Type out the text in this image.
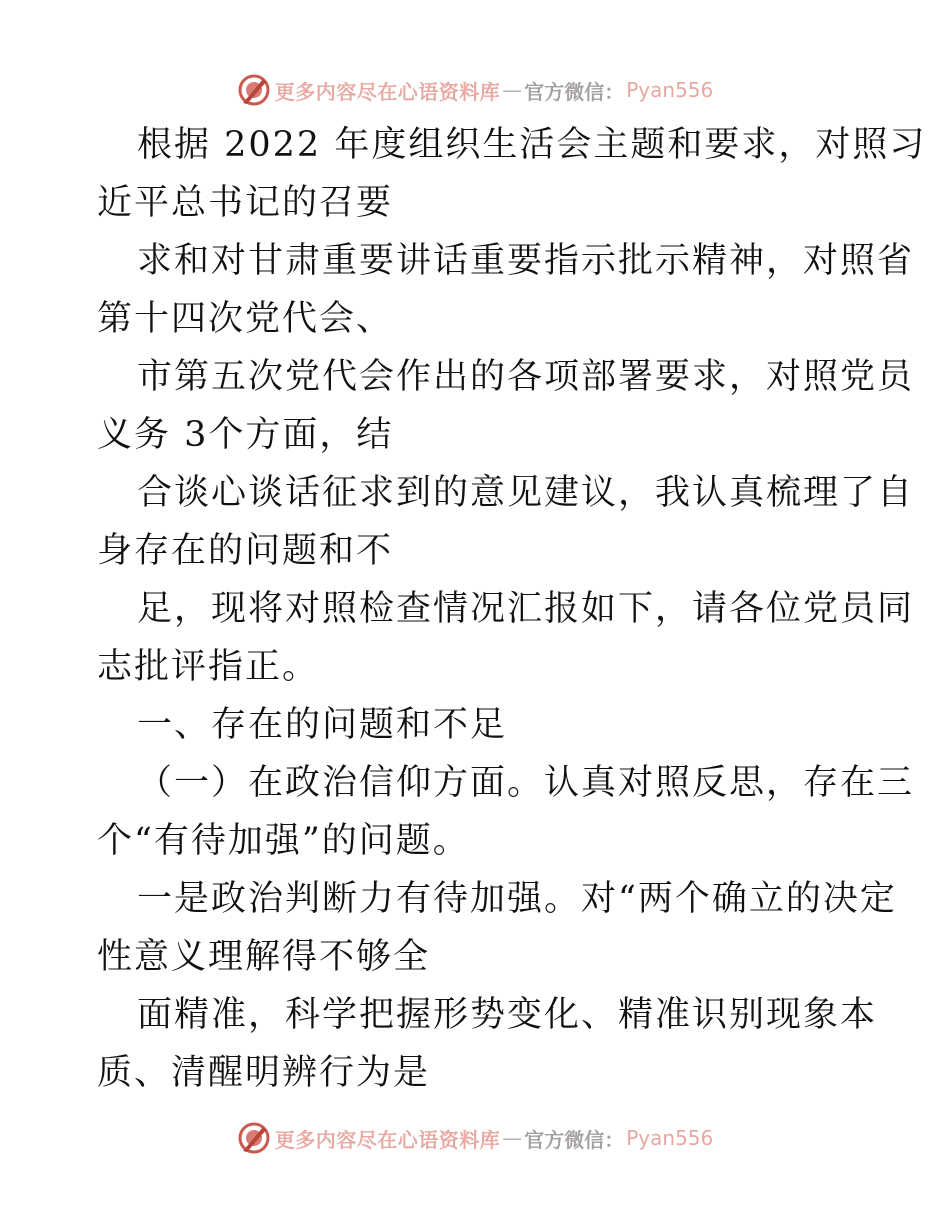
更多内容尽在心语资料库 — 官方微信： Pyan556

根据 2022 年度组织生活会主题和要求，对照习
近平总书记的召要

求和对甘肃重要讲话重要指示批示精神，对照省
第十四次党代会、

市第五次党代会作出的各项部署要求，对照党员
义务 3个方面，结

合谈心谈话征求到的意见建议，我认真梳理了自
身存在的问题和不

足，现将对照检查情况汇报如下，请各位党员同
志批评指正。

一、存在的问题和不足

（一）在政治信仰方面。认真对照反思，存在三
个“有待加强”的问题。

一是政治判断力有待加强。对“两个确立的决定
性意义理解得不够全

面精准，科学把握形势变化、精准识别现象本
质、清醒明辨行为是

更多内容尽在心语资料库 — 官方微信： Pyan556
